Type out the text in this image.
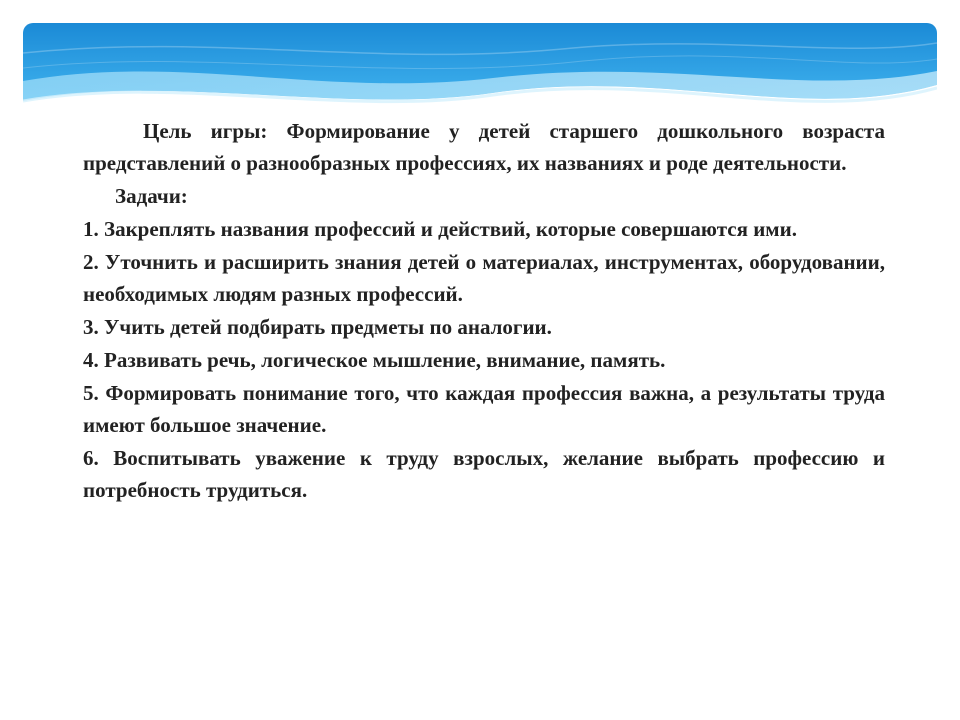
Цель игры: Формирование у детей старшего дошкольного возраста представлений о разнообразных профессиях, их названиях и роде деятельности.

Задачи:

1. Закреплять названия профессий и действий, которые совершаются ими.

2. Уточнить и расширить знания детей о материалах, инструментах, оборудовании, необходимых людям разных профессий.

3. Учить детей подбирать предметы по аналогии.

4. Развивать речь, логическое мышление, внимание, память.

5. Формировать понимание того, что каждая профессия важна, а результаты труда имеют большое значение.

6. Воспитывать уважение к труду взрослых, желание выбрать профессию и потребность трудиться.
